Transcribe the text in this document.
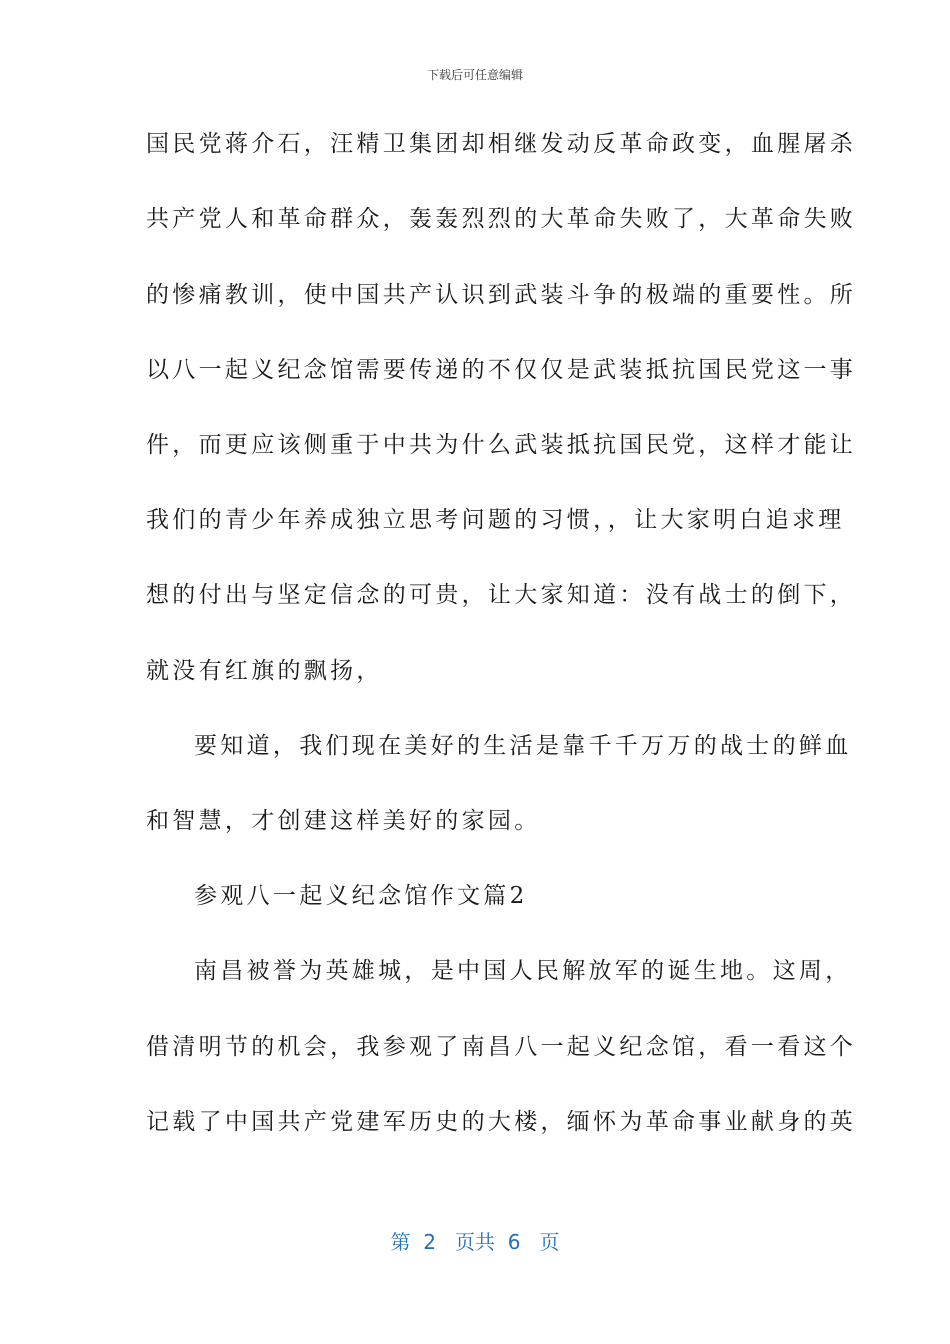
下载后可任意编辑
国民党蒋介石，汪精卫集团却相继发动反革命政变，血腥屠杀
共产党人和革命群众，轰轰烈烈的大革命失败了，大革命失败
的惨痛教训，使中国共产认识到武装斗争的极端的重要性。所
以八一起义纪念馆需要传递的不仅仅是武装抵抗国民党这一事
件，而更应该侧重于中共为什么武装抵抗国民党，这样才能让
我们的青少年养成独立思考问题的习惯，，让大家明白追求理
想的付出与坚定信念的可贵，让大家知道：没有战士的倒下，
就没有红旗的飘扬，
要知道，我们现在美好的生活是靠千千万万的战士的鲜血
和智慧，才创建这样美好的家园。
参观八一起义纪念馆作文篇2
南昌被誉为英雄城，是中国人民解放军的诞生地。这周，
借清明节的机会，我参观了南昌八一起义纪念馆，看一看这个
记载了中国共产党建军历史的大楼，缅怀为革命事业献身的英
第  2   页共  6   页
